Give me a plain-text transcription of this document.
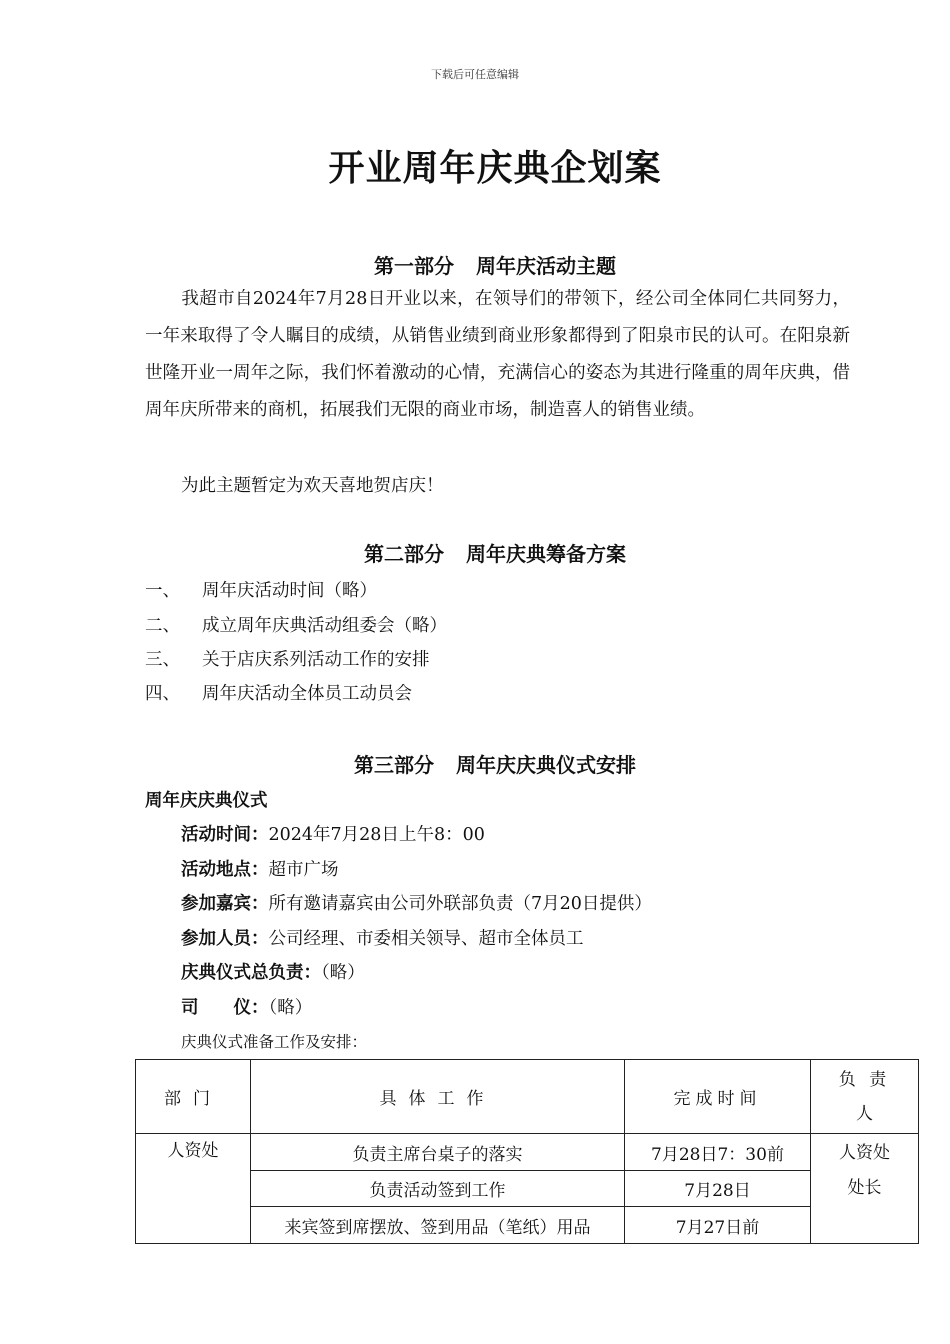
下载后可任意编辑
开业周年庆典企划案
第一部分 周年庆活动主题
我超市自2024年7月28日开业以来，在领导们的带领下，经公司全体同仁共同努力，一年来取得了令人瞩目的成绩，从销售业绩到商业形象都得到了阳泉市民的认可。在阳泉新世隆开业一周年之际，我们怀着激动的心情，充满信心的姿态为其进行隆重的周年庆典，借周年庆所带来的商机，拓展我们无限的商业市场，制造喜人的销售业绩。
为此主题暂定为欢天喜地贺店庆！
第二部分 周年庆典筹备方案
一、 周年庆活动时间（略）
二、 成立周年庆典活动组委会（略）
三、 关于店庆系列活动工作的安排
四、 周年庆活动全体员工动员会
第三部分 周年庆庆典仪式安排
周年庆庆典仪式
活动时间：2024年7月28日上午8：00
活动地点：超市广场
参加嘉宾：所有邀请嘉宾由公司外联部负责（7月20日提供）
参加人员：公司经理、市委相关领导、超市全体员工
庆典仪式总负责：（略）
司　　仪：（略）
庆典仪式准备工作及安排：
部门	具体工作	完成时间	负 责
人

人资处	负责主席台桌子的落实	7月28日7：30前	人资处
处长

	负责活动签到工作	7月28日	
	来宾签到席摆放、签到用品（笔纸）用品	7月27日前	
